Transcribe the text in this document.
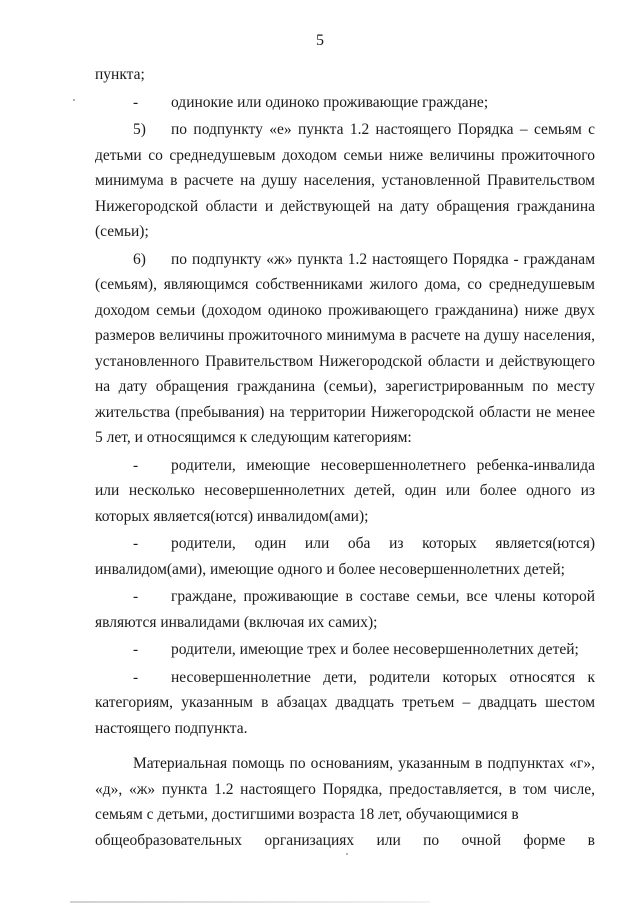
5

пункта;

- одинокие или одиноко проживающие граждане;

5) по подпункту «е» пункта 1.2 настоящего Порядка – семьям с детьми со среднедушевым доходом семьи ниже величины прожиточного минимума в расчете на душу населения, установленной Правительством Нижегородской области и действующей на дату обращения гражданина (семьи);

6) по подпункту «ж» пункта 1.2 настоящего Порядка - гражданам (семьям), являющимся собственниками жилого дома, со среднедушевым доходом семьи (доходом одиноко проживающего гражданина) ниже двух размеров величины прожиточного минимума в расчете на душу населения, установленного Правительством Нижегородской области и действующего на дату обращения гражданина (семьи), зарегистрированным по месту жительства (пребывания) на территории Нижегородской области не менее 5 лет, и относящимся к следующим категориям:

- родители, имеющие несовершеннолетнего ребенка-инвалида или несколько несовершеннолетних детей, один или более одного из которых является(ются) инвалидом(ами);

- родители, один или оба из которых является(ются) инвалидом(ами), имеющие одного и более несовершеннолетних детей;

- граждане, проживающие в составе семьи, все члены которой являются инвалидами (включая их самих);

- родители, имеющие трех и более несовершеннолетних детей;

- несовершеннолетние дети, родители которых относятся к категориям, указанным в абзацах двадцать третьем – двадцать шестом настоящего подпункта.

Материальная помощь по основаниям, указанным в подпунктах «г», «д», «ж» пункта 1.2 настоящего Порядка, предоставляется, в том числе, семьям с детьми, достигшими возраста 18 лет, обучающимися в

общеобразовательных организациях или по очной форме в
